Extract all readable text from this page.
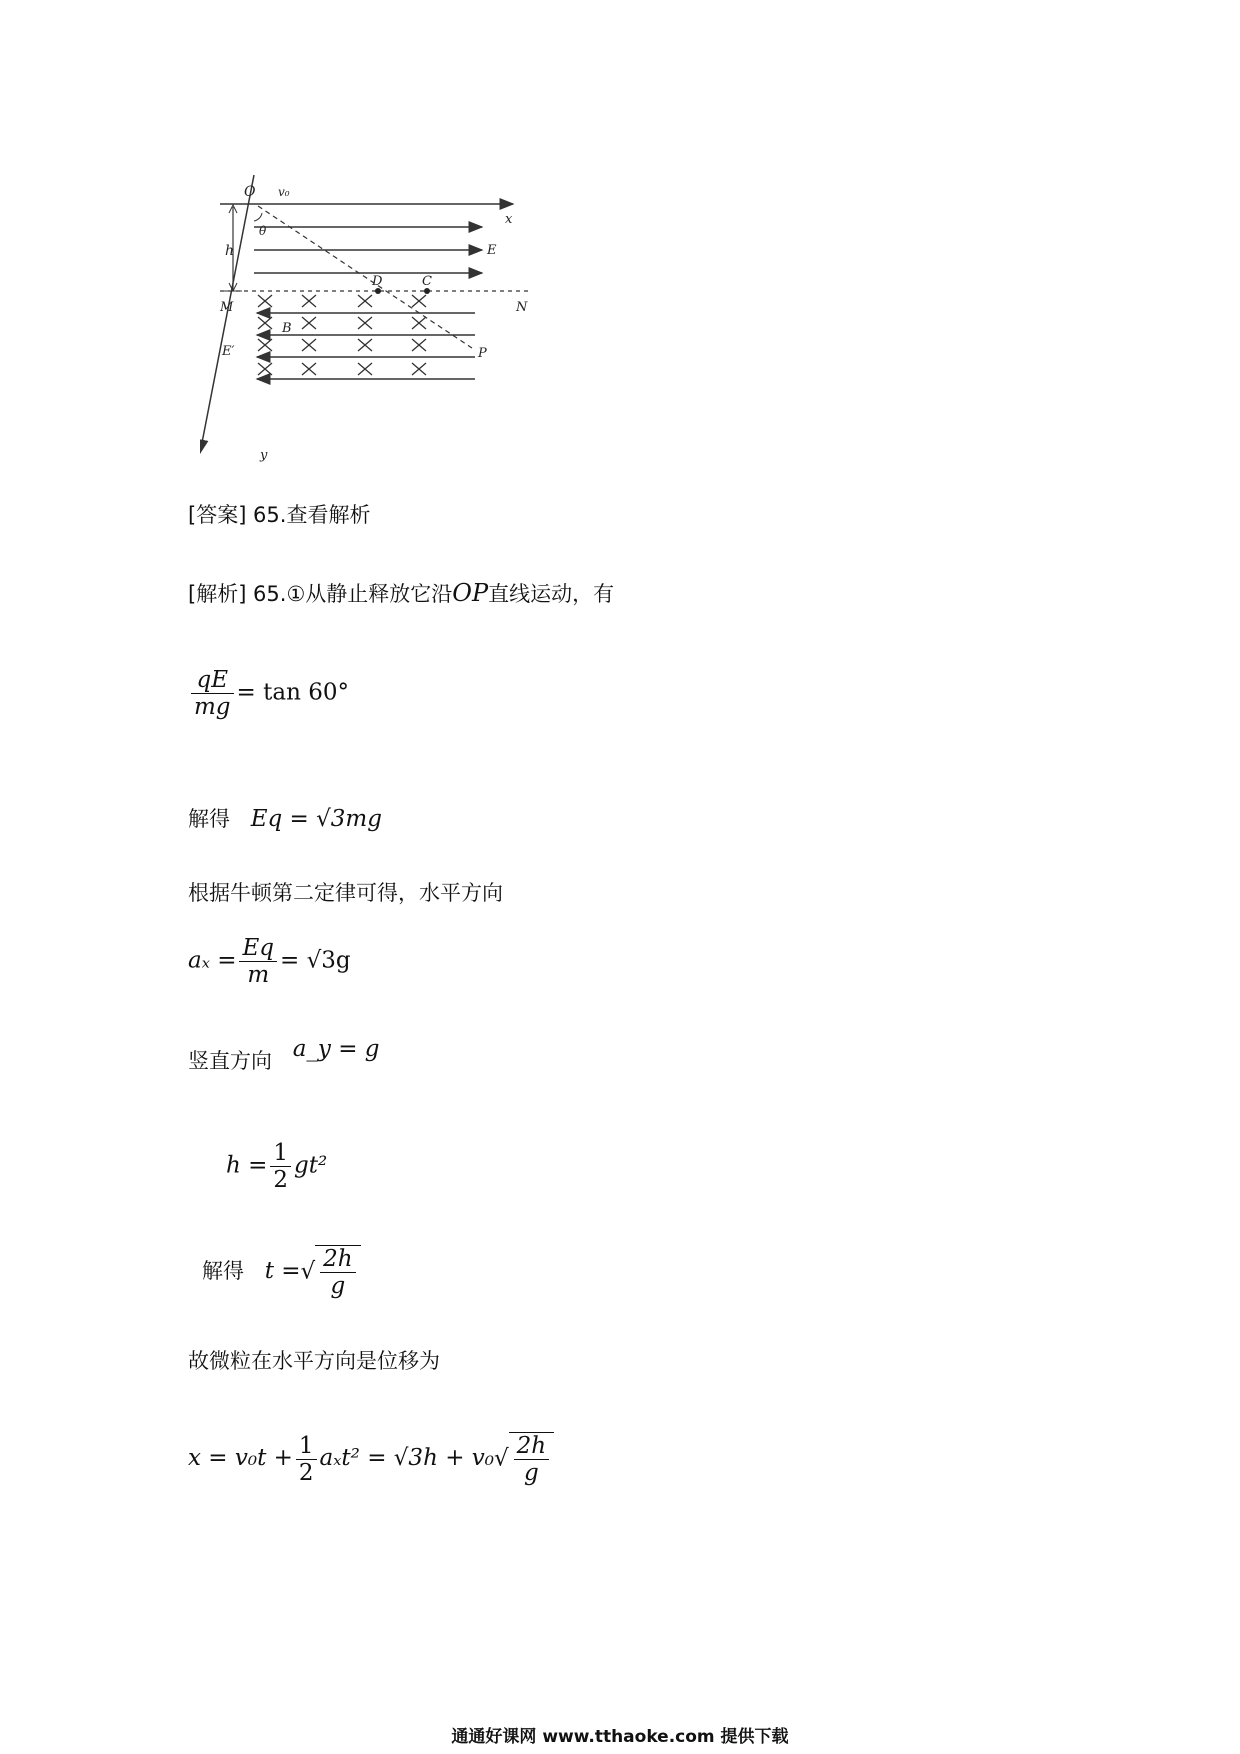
O v₀
x
θ
h	E
D	C
M	N
B
E′	P
y
[答案] 65.查看解析
[解析] 65.①从静止释放它沿OP直线运动，有
$\frac{qE}{mg} = \tan 60^\circ$
解得 Eq = √3mg
根据牛顿第二定律可得，水平方向
$a_x = \frac{Eq}{m} = √3g$
竖直方向 a_y = g
$h = \frac{1}{2} gt^2$
解得 t =√ $\frac{2h}{g}$
故微粒在水平方向是位移为
$x = v_0t + \frac{1}{2} a_xt^2 = √3h + v_0√ \frac{2h}{g}$
通通好课网 www.tthaoke.com 提供下载
